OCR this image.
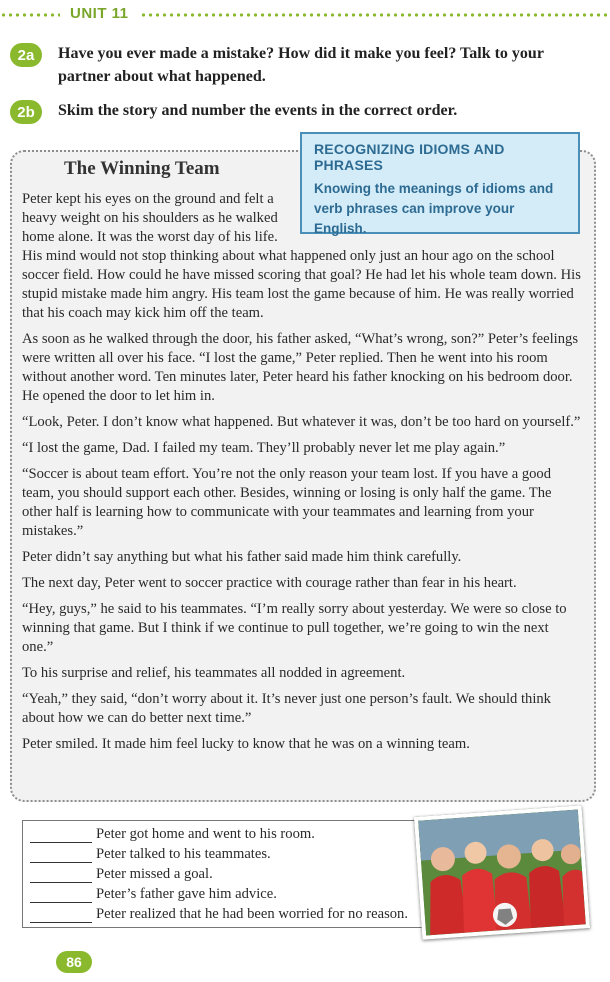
UNIT 11
2a	Have you ever made a mistake? How did it make you feel? Talk to your partner about what happened.
2b	Skim the story and number the events in the correct order.
The Winning Team
RECOGNIZING IDIOMS AND PHRASES
Knowing the meanings of idioms and verb phrases can improve your English.

Peter kept his eyes on the ground and felt a heavy weight on his shoulders as he walked home alone. It was the worst day of his life. His mind would not stop thinking about what happened only just an hour ago on the school soccer field. How could he have missed scoring that goal? He had let his whole team down. His stupid mistake made him angry. His team lost the game because of him. He was really worried that his coach may kick him off the team.

As soon as he walked through the door, his father asked, “What’s wrong, son?” Peter’s feelings were written all over his face. “I lost the game,” Peter replied. Then he went into his room without another word. Ten minutes later, Peter heard his father knocking on his bedroom door. He opened the door to let him in.

“Look, Peter. I don’t know what happened. But whatever it was, don’t be too hard on yourself.”

“I lost the game, Dad. I failed my team. They’ll probably never let me play again.”

“Soccer is about team effort. You’re not the only reason your team lost. If you have a good team, you should support each other. Besides, winning or losing is only half the game. The other half is learning how to communicate with your teammates and learning from your mistakes.”

Peter didn’t say anything but what his father said made him think carefully.

The next day, Peter went to soccer practice with courage rather than fear in his heart.

“Hey, guys,” he said to his teammates. “I’m really sorry about yesterday. We were so close to winning that game. But I think if we continue to pull together, we’re going to win the next one.”

To his surprise and relief, his teammates all nodded in agreement.

“Yeah,” they said, “don’t worry about it. It’s never just one person’s fault. We should think about how we can do better next time.”

Peter smiled. It made him feel lucky to know that he was on a winning team.

Peter got home and went to his room.
Peter talked to his teammates.
Peter missed a goal.
Peter’s father gave him advice.
Peter realized that he had been worried for no reason.
86
